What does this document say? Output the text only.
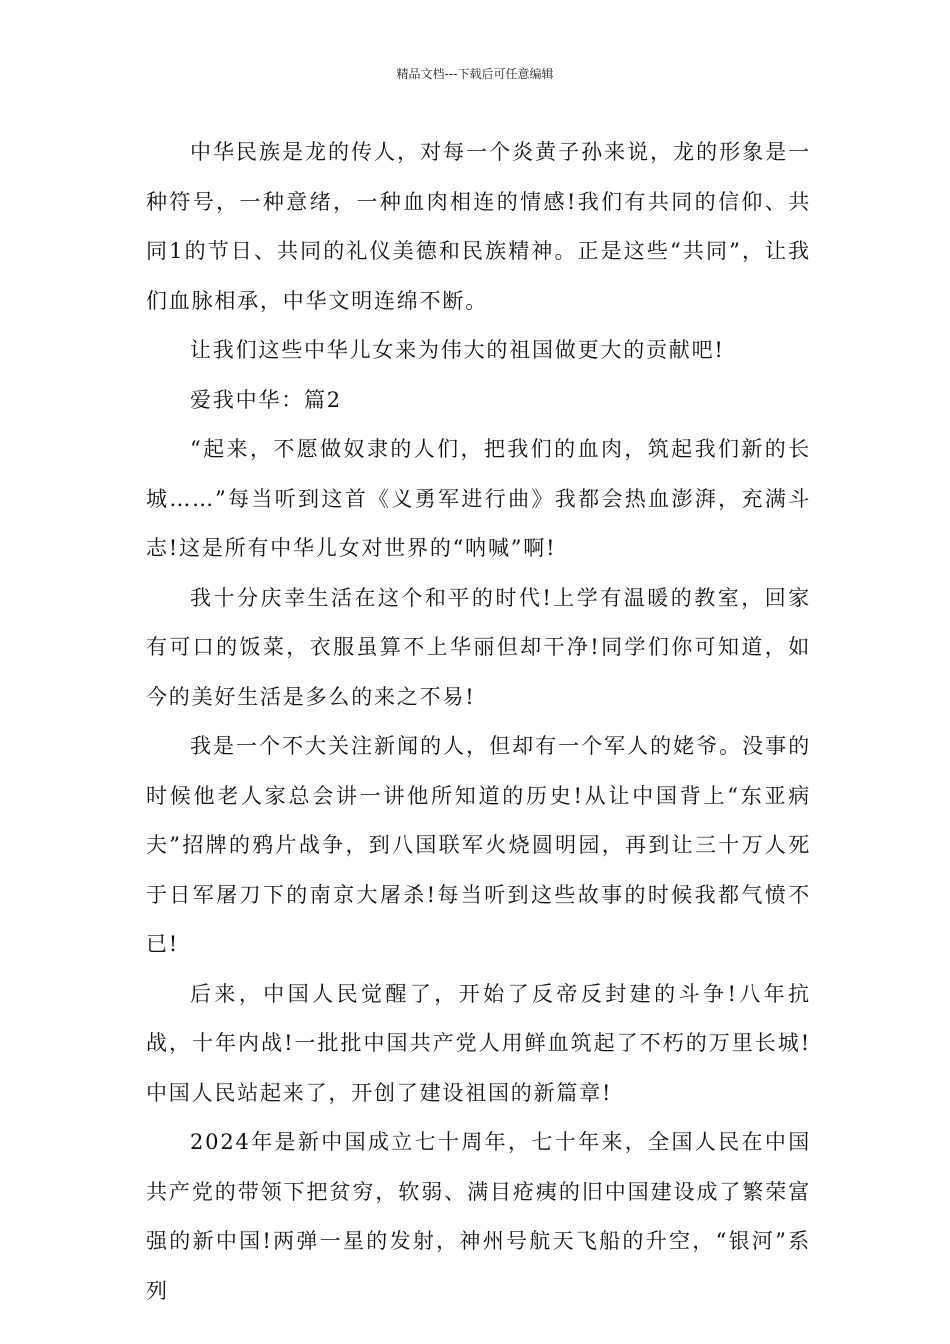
精品文档---下载后可任意编辑

中华民族是龙的传人，对每一个炎黄子孙来说，龙的形象是一种符号，一种意绪，一种血肉相连的情感!我们有共同的信仰、共同1的节日、共同的礼仪美德和民族精神。正是这些“共同”，让我们血脉相承，中华文明连绵不断。

让我们这些中华儿女来为伟大的祖国做更大的贡献吧!

爱我中华：篇2

“起来，不愿做奴隶的人们，把我们的血肉，筑起我们新的长城……”每当听到这首《义勇军进行曲》我都会热血澎湃，充满斗志!这是所有中华儿女对世界的“呐喊”啊!

我十分庆幸生活在这个和平的时代!上学有温暖的教室，回家有可口的饭菜，衣服虽算不上华丽但却干净!同学们你可知道，如今的美好生活是多么的来之不易!

我是一个不大关注新闻的人，但却有一个军人的姥爷。没事的时候他老人家总会讲一讲他所知道的历史!从让中国背上“东亚病夫”招牌的鸦片战争，到八国联军火烧圆明园，再到让三十万人死于日军屠刀下的南京大屠杀!每当听到这些故事的时候我都气愤不已!

后来，中国人民觉醒了，开始了反帝反封建的斗争!八年抗战，十年内战!一批批中国共产党人用鲜血筑起了不朽的万里长城!中国人民站起来了，开创了建设祖国的新篇章!

2024年是新中国成立七十周年，七十年来，全国人民在中国共产党的带领下把贫穷，软弱、满目疮痍的旧中国建设成了繁荣富强的新中国!两弹一星的发射，神州号航天飞船的升空，“银河”系列
